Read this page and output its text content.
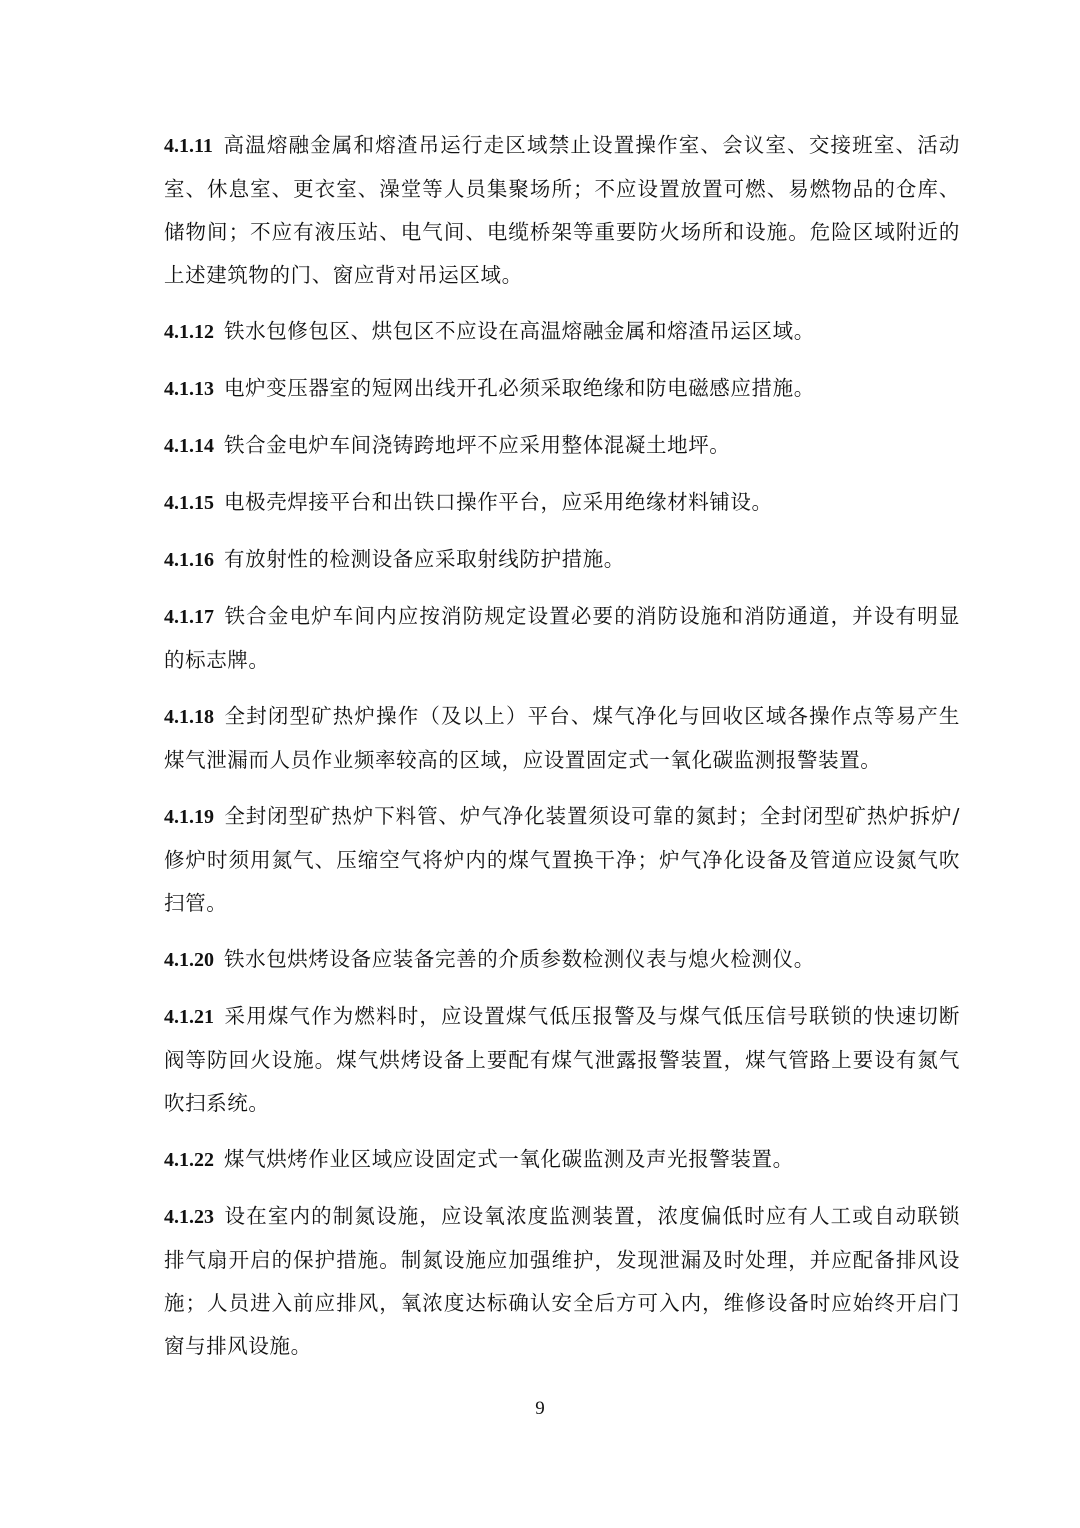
4.1.11 高温熔融金属和熔渣吊运行走区域禁止设置操作室、会议室、交接班室、活动室、休息室、更衣室、澡堂等人员集聚场所；不应设置放置可燃、易燃物品的仓库、储物间；不应有液压站、电气间、电缆桥架等重要防火场所和设施。危险区域附近的上述建筑物的门、窗应背对吊运区域。

4.1.12 铁水包修包区、烘包区不应设在高温熔融金属和熔渣吊运区域。

4.1.13 电炉变压器室的短网出线开孔必须采取绝缘和防电磁感应措施。

4.1.14 铁合金电炉车间浇铸跨地坪不应采用整体混凝土地坪。

4.1.15 电极壳焊接平台和出铁口操作平台，应采用绝缘材料铺设。

4.1.16 有放射性的检测设备应采取射线防护措施。

4.1.17 铁合金电炉车间内应按消防规定设置必要的消防设施和消防通道，并设有明显的标志牌。

4.1.18 全封闭型矿热炉操作（及以上）平台、煤气净化与回收区域各操作点等易产生煤气泄漏而人员作业频率较高的区域，应设置固定式一氧化碳监测报警装置。

4.1.19 全封闭型矿热炉下料管、炉气净化装置须设可靠的氮封；全封闭型矿热炉拆炉/修炉时须用氮气、压缩空气将炉内的煤气置换干净；炉气净化设备及管道应设氮气吹扫管。

4.1.20 铁水包烘烤设备应装备完善的介质参数检测仪表与熄火检测仪。

4.1.21 采用煤气作为燃料时，应设置煤气低压报警及与煤气低压信号联锁的快速切断阀等防回火设施。煤气烘烤设备上要配有煤气泄露报警装置，煤气管路上要设有氮气吹扫系统。

4.1.22 煤气烘烤作业区域应设固定式一氧化碳监测及声光报警装置。

4.1.23 设在室内的制氮设施，应设氧浓度监测装置，浓度偏低时应有人工或自动联锁排气扇开启的保护措施。制氮设施应加强维护，发现泄漏及时处理，并应配备排风设施；人员进入前应排风，氧浓度达标确认安全后方可入内，维修设备时应始终开启门窗与排风设施。

9
